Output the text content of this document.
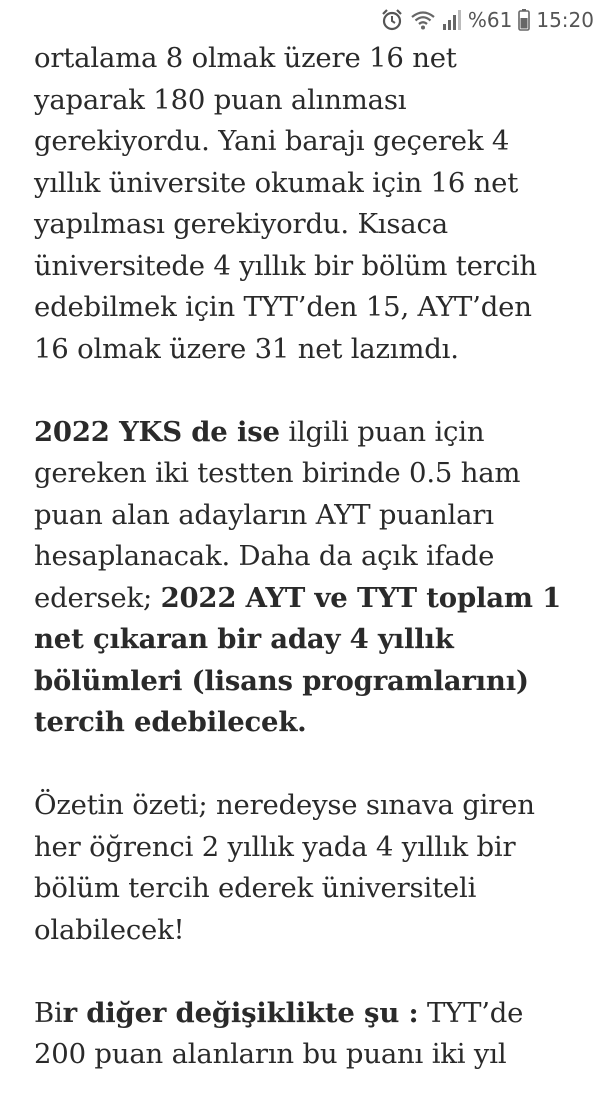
%61 15:20

ortalama 8 olmak üzere 16 net
yaparak 180 puan alınması
gerekiyordu. Yani barajı geçerek 4
yıllık üniversite okumak için 16 net
yapılması gerekiyordu. Kısaca
üniversitede 4 yıllık bir bölüm tercih
edebilmek için TYT’den 15, AYT’den
16 olmak üzere 31 net lazımdı.

2022 YKS de ise ilgili puan için
gereken iki testten birinde 0.5 ham
puan alan adayların AYT puanları
hesaplanacak. Daha da açık ifade
edersek; 2022 AYT ve TYT toplam 1
net çıkaran bir aday 4 yıllık
bölümleri (lisans programlarını)
tercih edebilecek.

Özetin özeti; neredeyse sınava giren
her öğrenci 2 yıllık yada 4 yıllık bir
bölüm tercih ederek üniversiteli
olabilecek!

Bir diğer değişiklikte şu : TYT’de
200 puan alanların bu puanı iki yıl
